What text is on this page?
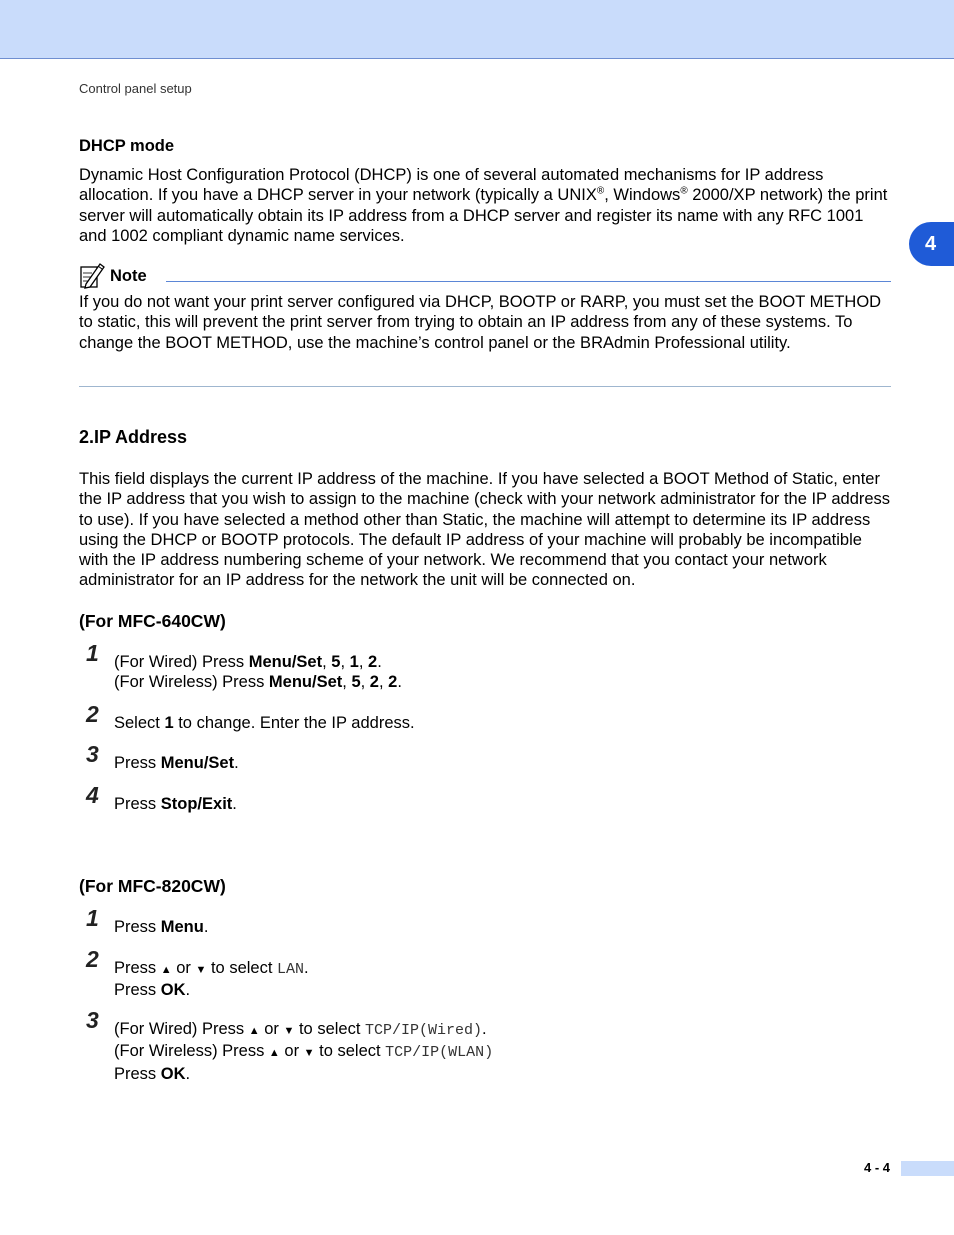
Control panel setup
4
DHCP mode
Dynamic Host Configuration Protocol (DHCP) is one of several automated mechanisms for IP address allocation. If you have a DHCP server in your network (typically a UNIX®, Windows® 2000/XP network) the print server will automatically obtain its IP address from a DHCP server and register its name with any RFC 1001 and 1002 compliant dynamic name services.
Note
If you do not want your print server configured via DHCP, BOOTP or RARP, you must set the BOOT METHOD to static, this will prevent the print server from trying to obtain an IP address from any of these systems. To change the BOOT METHOD, use the machine’s control panel or the BRAdmin Professional utility.
2.IP Address
This field displays the current IP address of the machine. If you have selected a BOOT Method of Static, enter the IP address that you wish to assign to the machine (check with your network administrator for the IP address to use). If you have selected a method other than Static, the machine will attempt to determine its IP address using the DHCP or BOOTP protocols. The default IP address of your machine will probably be incompatible with the IP address numbering scheme of your network. We recommend that you contact your network administrator for an IP address for the network the unit will be connected on.
(For MFC-640CW)
1 (For Wired) Press Menu/Set, 5, 1, 2.
(For Wireless) Press Menu/Set, 5, 2, 2.
2 Select 1 to change. Enter the IP address.
3 Press Menu/Set.
4 Press Stop/Exit.
(For MFC-820CW)
1 Press Menu.
2 Press ▲ or ▼ to select LAN.
Press OK.
3 (For Wired) Press ▲ or ▼ to select TCP/IP(Wired).
(For Wireless) Press ▲ or ▼ to select TCP/IP(WLAN)
Press OK.
4 - 4
